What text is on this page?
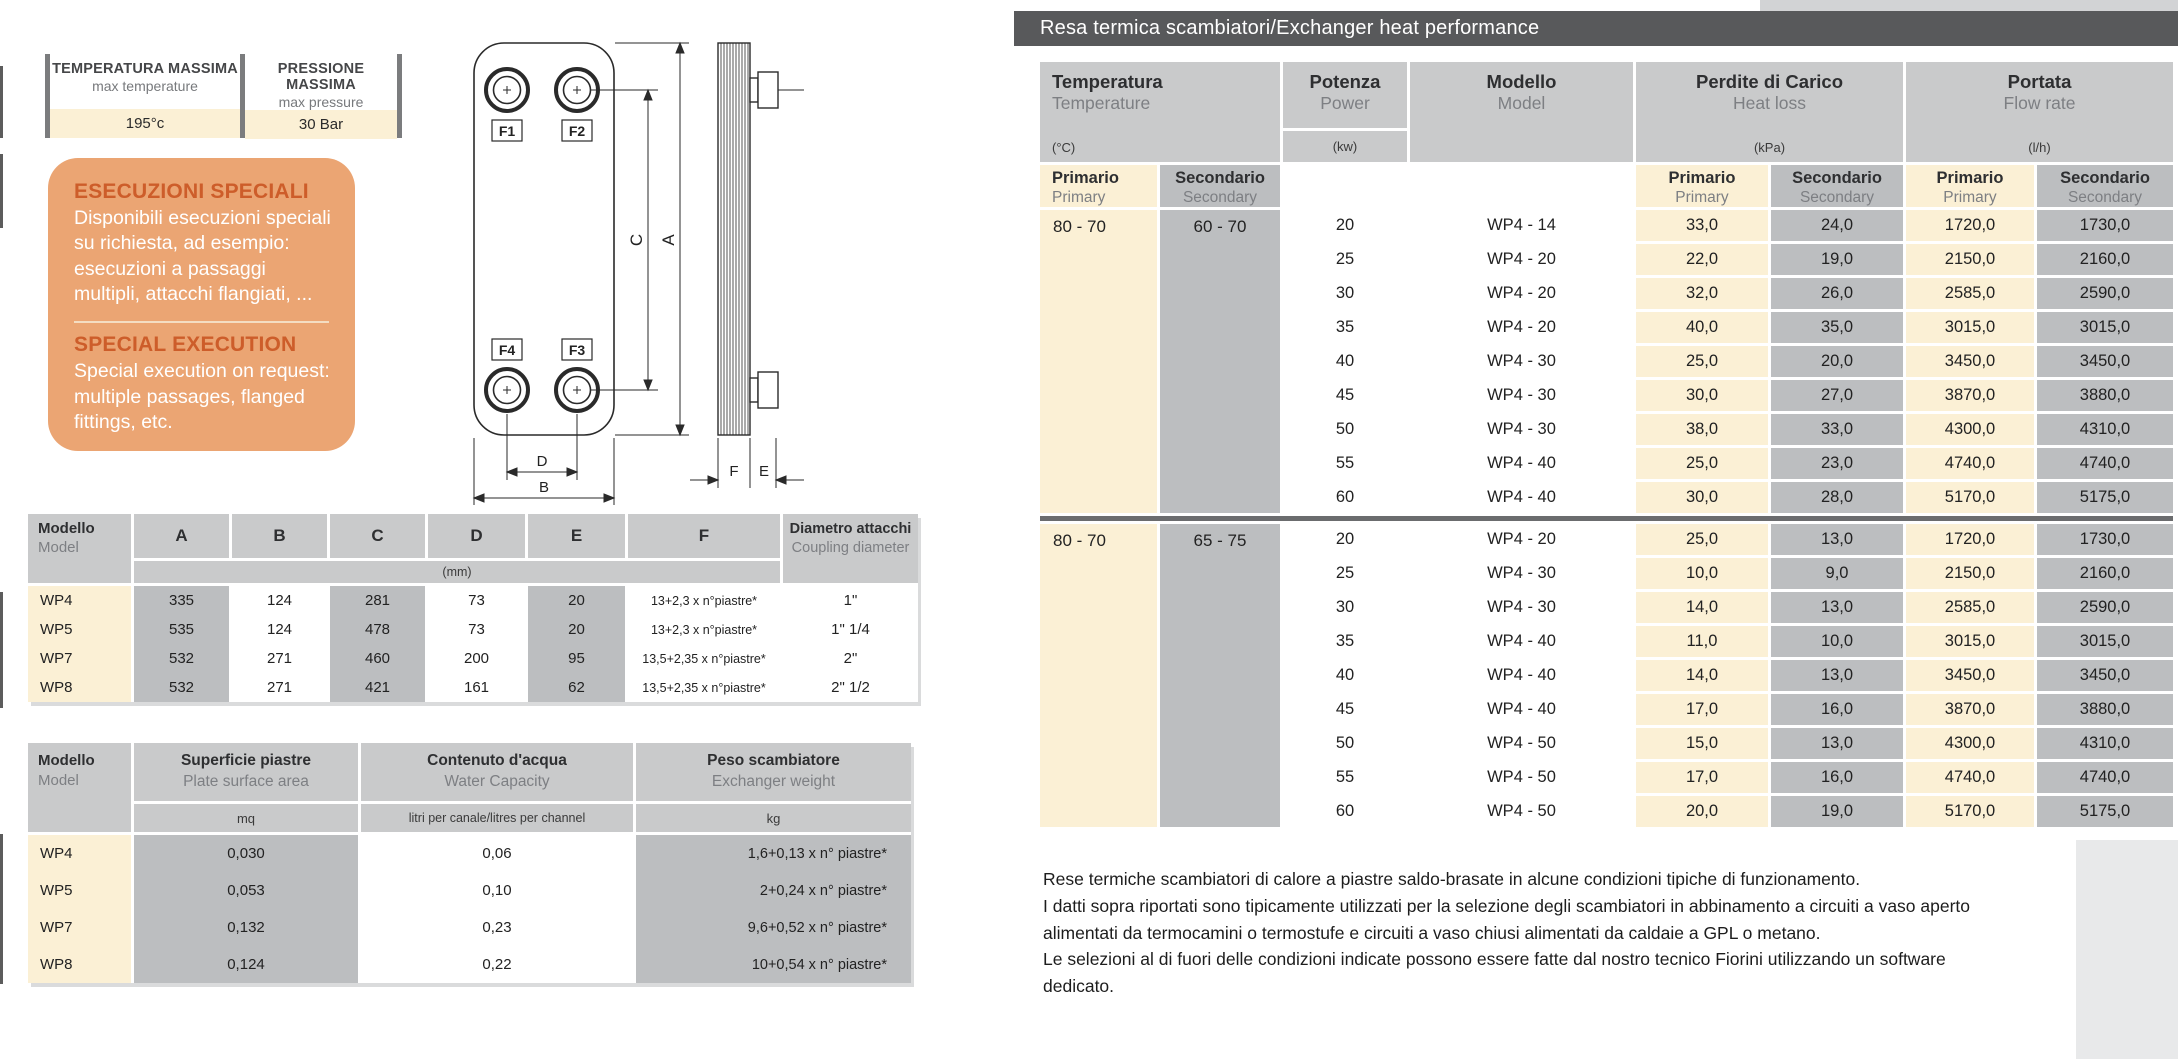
TEMPERATURA MASSIMA
max temperature
195°c
PRESSIONE MASSIMA
max pressure
30 Bar
ESECUZIONI SPECIALI
Disponibili esecuzioni speciali su richiesta, ad esempio: esecuzioni a passaggi multipli, attacchi flangiati, ...
SPECIAL EXECUTION
Special execution on request: multiple passages, flanged fittings, etc.
F1	F2
F4	F3
C A
D
B
F E
Modello
Model
A	B	C	D	E	F
(mm)
Diametro attacchi
Coupling diameter
WP4	335	124	281	73	20	13+2,3 x n°piastre*	1"
WP5	535	124	478	73	20	13+2,3 x n°piastre*	1" 1/4
WP7	532	271	460	200	95	13,5+2,35 x n°piastre*	2"
WP8	532	271	421	161	62	13,5+2,35 x n°piastre*	2" 1/2
Modello
Model
Superficie piastre
Plate surface area
mq
Contenuto d'acqua
Water Capacity
litri per canale/litres per channel
Peso scambiatore
Exchanger weight
kg
WP4	0,030	0,06	1,6+0,13 x n° piastre*
WP5	0,053	0,10	2+0,24 x n° piastre*
WP7	0,132	0,23	9,6+0,52 x n° piastre*
WP8	0,124	0,22	10+0,54 x n° piastre*
Resa termica scambiatori/Exchanger heat performance
Temperatura
Temperature
(°C)
Potenza
Power
(kw)
Modello
Model
Perdite di Carico
Heat loss
(kPa)
Portata
Flow rate
(l/h)
Primario
Primary
Secondario
Secondary
Primario
Primary
Secondario
Secondary
Primario
Primary
Secondario
Secondary
80 - 70	60 - 70	20	WP4 - 14	33,0	24,0	1720,0	1730,0
25	WP4 - 20	22,0	19,0	2150,0	2160,0
30	WP4 - 20	32,0	26,0	2585,0	2590,0
35	WP4 - 20	40,0	35,0	3015,0	3015,0
40	WP4 - 30	25,0	20,0	3450,0	3450,0
45	WP4 - 30	30,0	27,0	3870,0	3880,0
50	WP4 - 30	38,0	33,0	4300,0	4310,0
55	WP4 - 40	25,0	23,0	4740,0	4740,0
60	WP4 - 40	30,0	28,0	5170,0	5175,0
80 - 70	65 - 75	20	WP4 - 20	25,0	13,0	1720,0	1730,0
25	WP4 - 30	10,0	9,0	2150,0	2160,0
30	WP4 - 30	14,0	13,0	2585,0	2590,0
35	WP4 - 40	11,0	10,0	3015,0	3015,0
40	WP4 - 40	14,0	13,0	3450,0	3450,0
45	WP4 - 40	17,0	16,0	3870,0	3880,0
50	WP4 - 50	15,0	13,0	4300,0	4310,0
55	WP4 - 50	17,0	16,0	4740,0	4740,0
60	WP4 - 50	20,0	19,0	5170,0	5175,0

Rese termiche scambiatori di calore a piastre saldo-brasate in alcune condizioni tipiche di funzionamento.

I datti sopra riportati sono tipicamente utilizzati per la selezione degli scambiatori in abbinamento a circuiti a vaso aperto alimentati da termocamini o termostufe e circuiti a vaso chiusi alimentati da caldaie a GPL o metano.

Le selezioni al di fuori delle condizioni indicate possono essere fatte dal nostro tecnico Fiorini utilizzando un software dedicato.
